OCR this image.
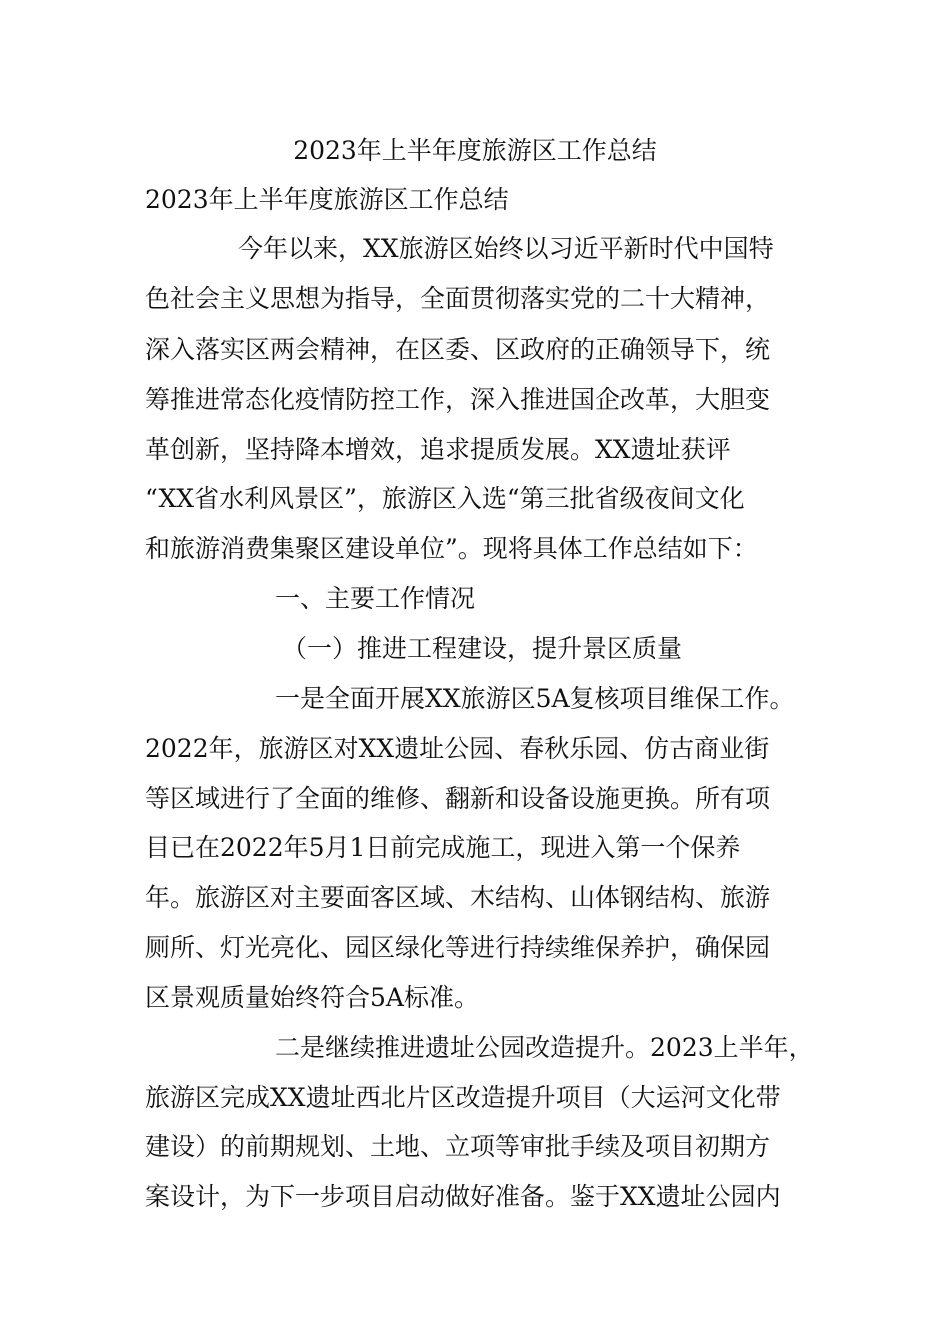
2023年上半年度旅游区工作总结
2023年上半年度旅游区工作总结
今年以来，XX旅游区始终以习近平新时代中国特
色社会主义思想为指导，全面贯彻落实党的二十大精神，
深入落实区两会精神，在区委、区政府的正确领导下，统
筹推进常态化疫情防控工作，深入推进国企改革，大胆变
革创新，坚持降本增效，追求提质发展。XX遗址获评
“XX省水利风景区”，旅游区入选“第三批省级夜间文化
和旅游消费集聚区建设单位”。现将具体工作总结如下：
一、主要工作情况
（一）推进工程建设，提升景区质量
一是全面开展XX旅游区5A复核项目维保工作。
2022年，旅游区对XX遗址公园、春秋乐园、仿古商业街
等区域进行了全面的维修、翻新和设备设施更换。所有项
目已在2022年5月1日前完成施工，现进入第一个保养
年。旅游区对主要面客区域、木结构、山体钢结构、旅游
厕所、灯光亮化、园区绿化等进行持续维保养护，确保园
区景观质量始终符合5A标准。
二是继续推进遗址公园改造提升。2023上半年，
旅游区完成XX遗址西北片区改造提升项目（大运河文化带
建设）的前期规划、土地、立项等审批手续及项目初期方
案设计，为下一步项目启动做好准备。鉴于XX遗址公园内
